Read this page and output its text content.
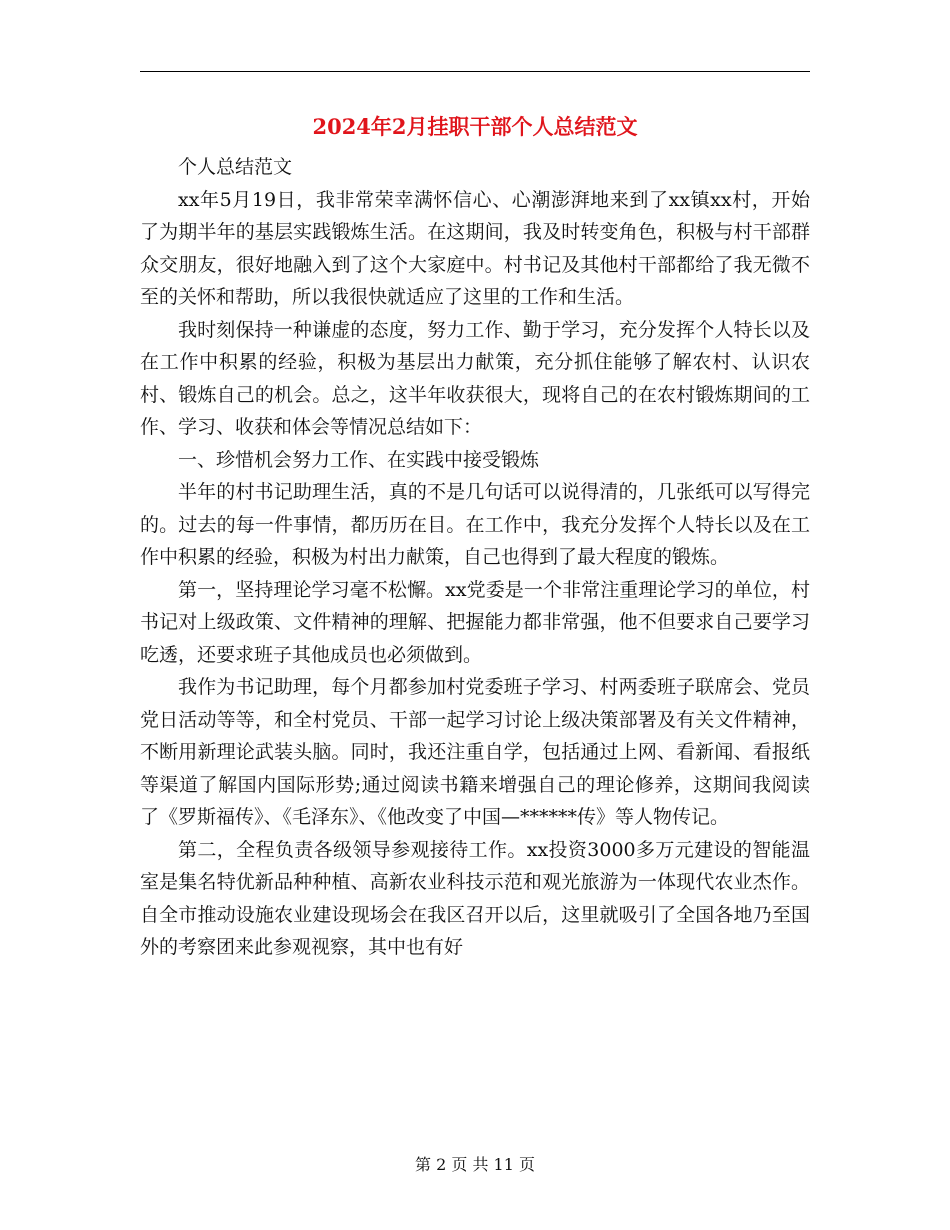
2024年2月挂职干部个人总结范文

个人总结范文

xx年5月19日，我非常荣幸满怀信心、心潮澎湃地来到了xx镇xx村，开始了为期半年的基层实践锻炼生活。在这期间，我及时转变角色，积极与村干部群众交朋友，很好地融入到了这个大家庭中。村书记及其他村干部都给了我无微不至的关怀和帮助，所以我很快就适应了这里的工作和生活。

我时刻保持一种谦虚的态度，努力工作、勤于学习，充分发挥个人特长以及在工作中积累的经验，积极为基层出力献策，充分抓住能够了解农村、认识农村、锻炼自己的机会。总之，这半年收获很大，现将自己的在农村锻炼期间的工作、学习、收获和体会等情况总结如下：

一、珍惜机会努力工作、在实践中接受锻炼

半年的村书记助理生活，真的不是几句话可以说得清的，几张纸可以写得完的。过去的每一件事情，都历历在目。在工作中，我充分发挥个人特长以及在工作中积累的经验，积极为村出力献策，自己也得到了最大程度的锻炼。

第一，坚持理论学习毫不松懈。xx党委是一个非常注重理论学习的单位，村书记对上级政策、文件精神的理解、把握能力都非常强，他不但要求自己要学习吃透，还要求班子其他成员也必须做到。

我作为书记助理，每个月都参加村党委班子学习、村两委班子联席会、党员党日活动等等，和全村党员、干部一起学习讨论上级决策部署及有关文件精神，不断用新理论武装头脑。同时，我还注重自学，包括通过上网、看新闻、看报纸等渠道了解国内国际形势;通过阅读书籍来增强自己的理论修养，这期间我阅读了《罗斯福传》、《毛泽东》、《他改变了中国—******传》等人物传记。

第二，全程负责各级领导参观接待工作。xx投资3000多万元建设的智能温室是集名特优新品种种植、高新农业科技示范和观光旅游为一体现代农业杰作。自全市推动设施农业建设现场会在我区召开以后，这里就吸引了全国各地乃至国外的考察团来此参观视察，其中也有好

第 2 页 共 11 页
